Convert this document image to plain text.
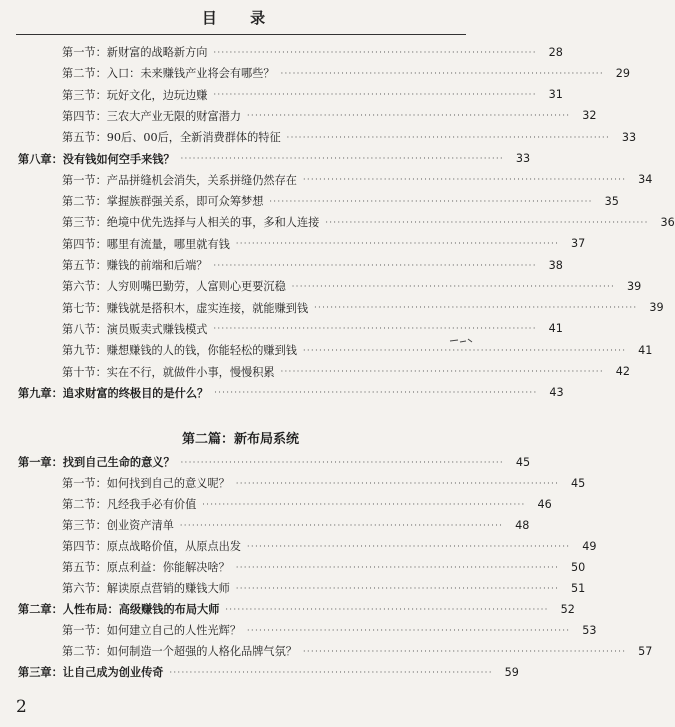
目 录
第一节：新财富的战略新方向 ················································································	28
第二节：入口：未来赚钱产业将会有哪些？ ················································································	29
第三节：玩好文化，边玩边赚 ················································································	31
第四节：三农大产业无限的财富潜力 ················································································	32
第五节：90后、00后，全新消费群体的特征 ················································································	33
第八章：没有钱如何空手来钱？ ················································································	33
第一节：产品拼缝机会消失，关系拼缝仍然存在 ················································································	34
第二节：掌握族群强关系，即可众筹梦想 ················································································	35
第三节：绝境中优先选择与人相关的事，多和人连接 ················································································	36
第四节：哪里有流量，哪里就有钱 ················································································	37
第五节：赚钱的前端和后端？ ················································································	38
第六节：人穷则嘴巴勤劳，人富则心更要沉稳 ················································································	39
第七节：赚钱就是搭积木，虚实连接，就能赚到钱 ················································································	39
第八节：演员贩卖式赚钱模式 ················································································	41
第九节：赚想赚钱的人的钱，你能轻松的赚到钱 ················································································	41
第十节：实在不行，就做件小事，慢慢积累 ················································································	42
第九章：追求财富的终极目的是什么？ ················································································	43
第二篇：新布局系统
第一章：找到自己生命的意义？ ················································································	45
第一节：如何找到自己的意义呢？ ················································································	45
第二节：凡经我手必有价值 ················································································	46
第三节：创业资产清单 ················································································	48
第四节：原点战略价值，从原点出发 ················································································	49
第五节：原点利益：你能解决啥？ ················································································	50
第六节：解读原点营销的赚钱大师 ················································································	51
第二章：人性布局：高级赚钱的布局大师 ················································································	52
第一节：如何建立自己的人性光辉？ ················································································	53
第二节：如何制造一个超强的人格化品牌气氛？ ················································································	57
第三章：让自己成为创业传奇 ················································································	59
2
